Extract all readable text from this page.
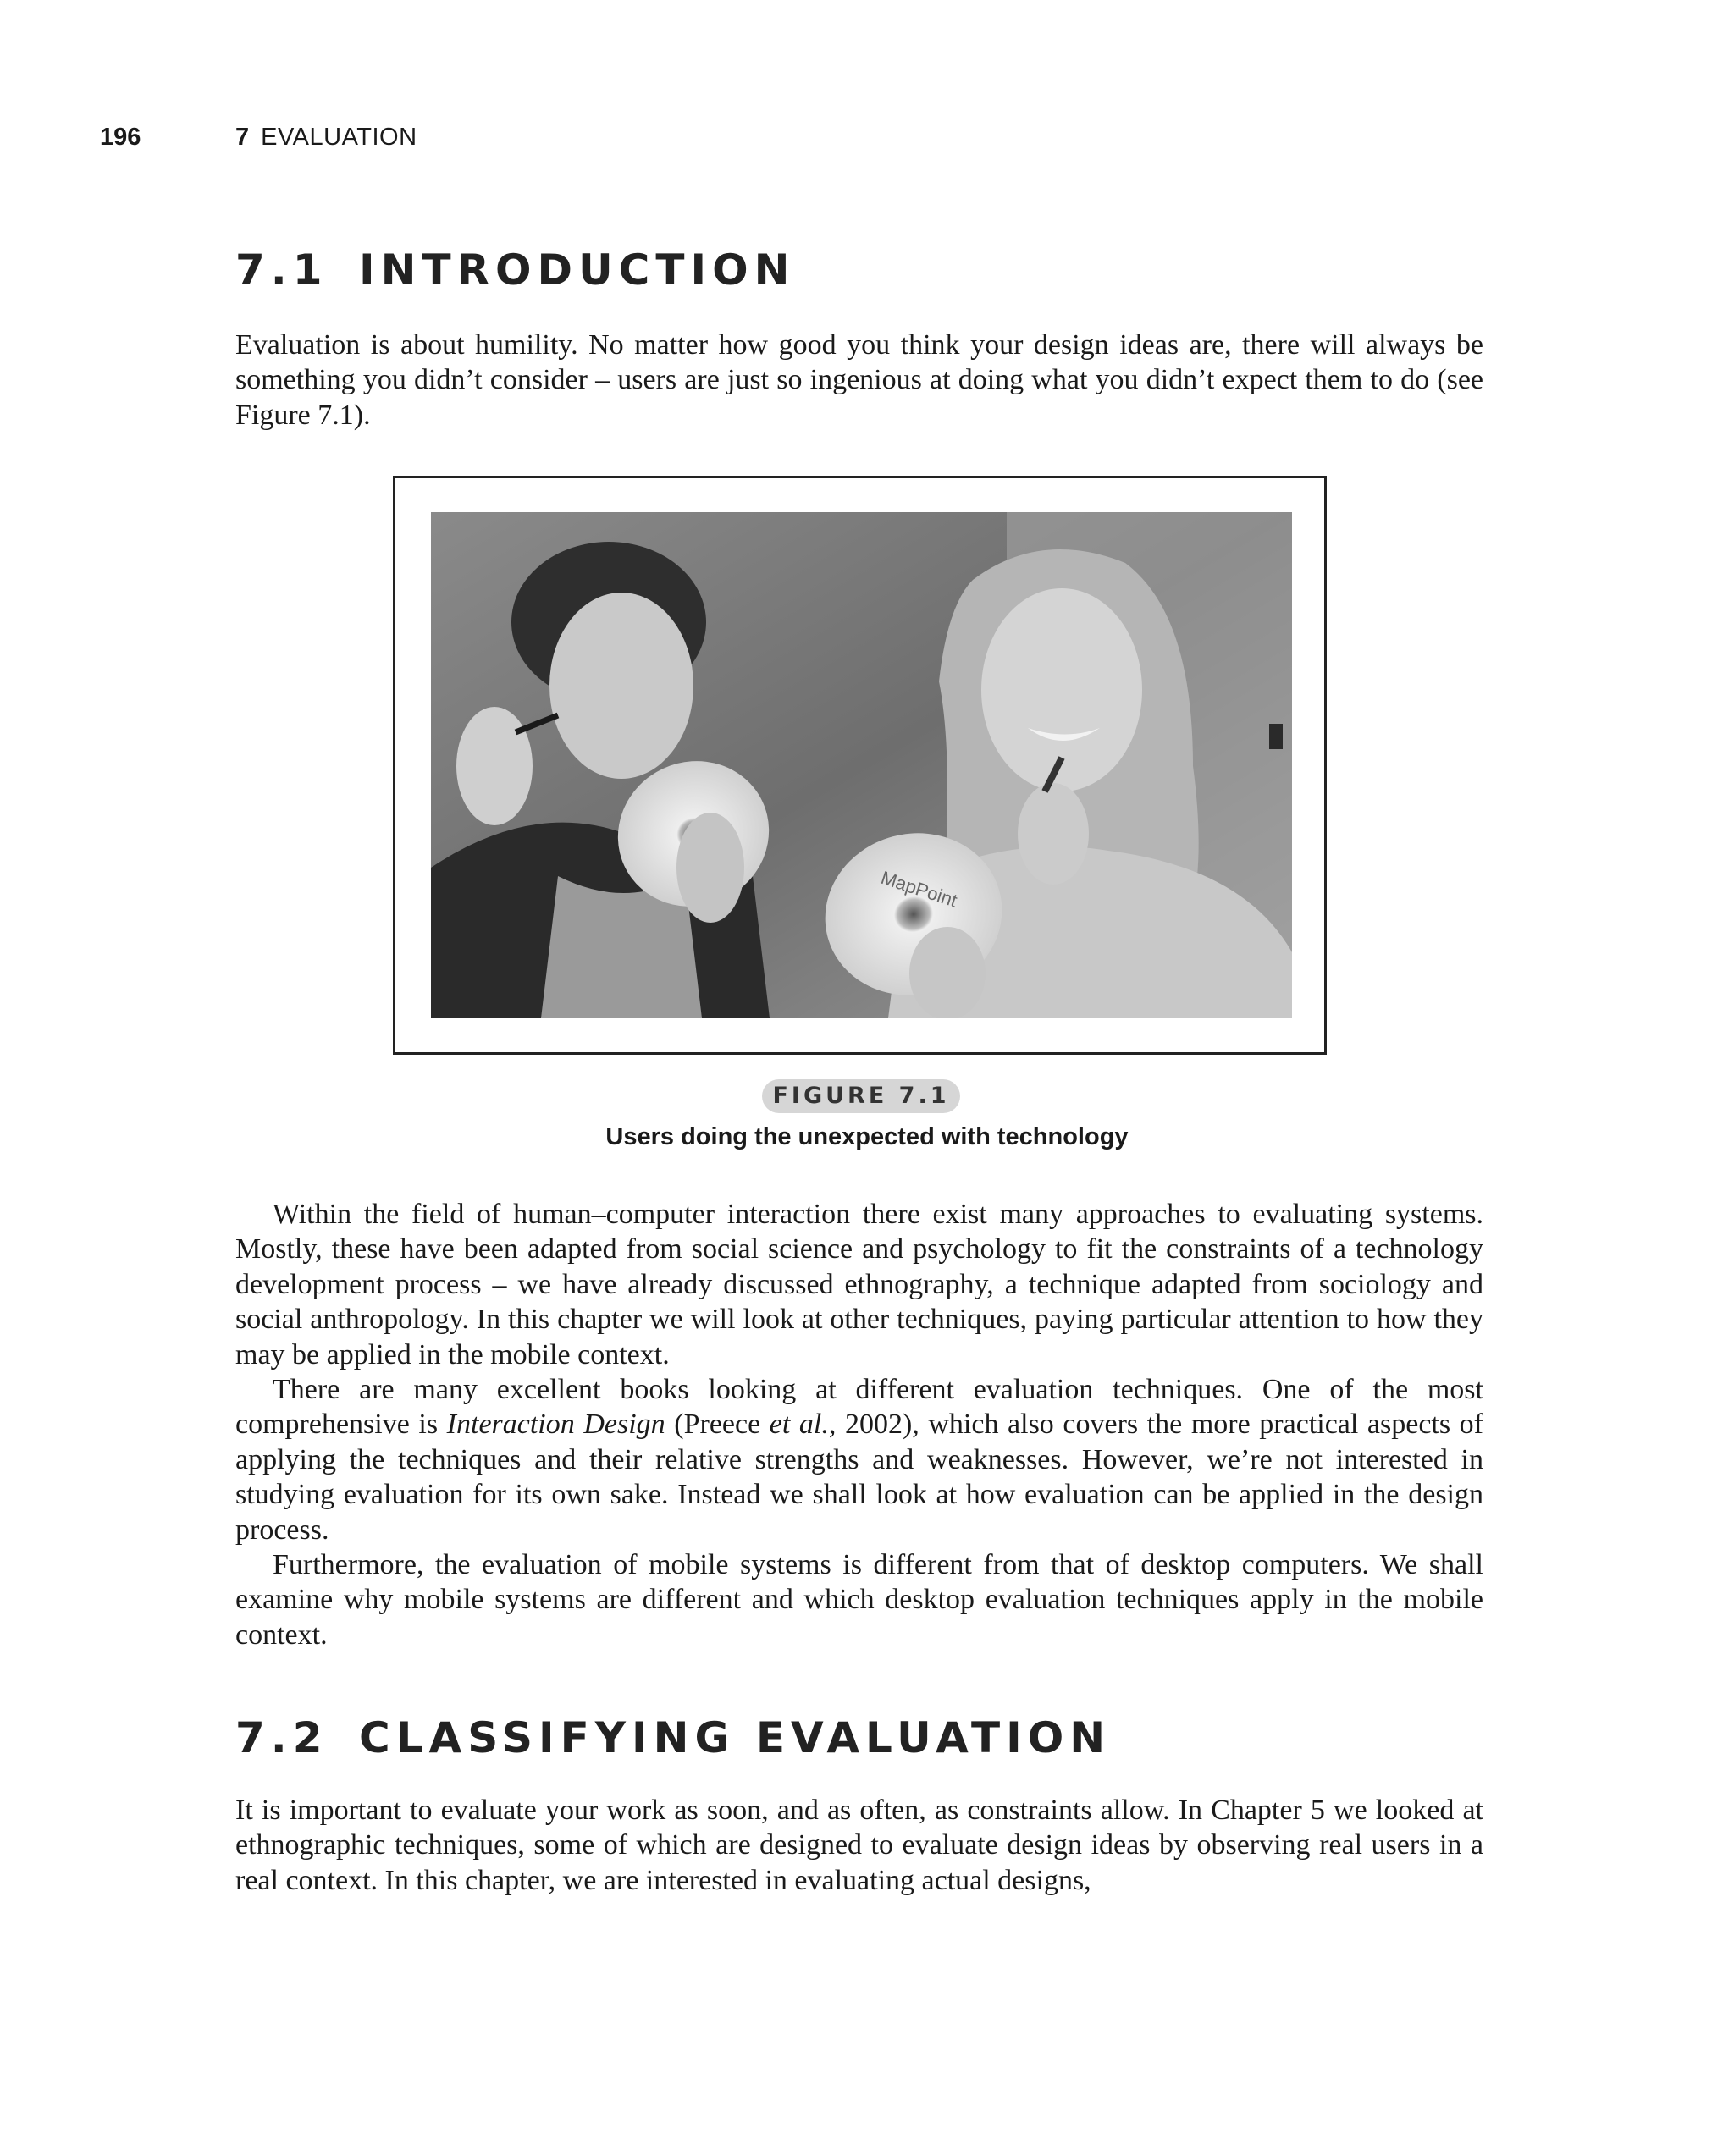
196	7 EVALUATION
7.1 INTRODUCTION

Evaluation is about humility. No matter how good you think your design ideas are, there will always be something you didn’t consider – users are just so ingenious at doing what you didn’t expect them to do (see Figure 7.1).

MapPoint
FIGURE 7.1
Users doing the unexpected with technology

Within the field of human–computer interaction there exist many approaches to evaluating systems. Mostly, these have been adapted from social science and psychology to fit the constraints of a technology development process – we have already discussed ethnography, a technique adapted from sociology and social anthropology. In this chapter we will look at other techniques, paying particular attention to how they may be applied in the mobile context.

There are many excellent books looking at different evaluation techniques. One of the most comprehensive is Interaction Design (Preece et al., 2002), which also covers the more practical aspects of applying the techniques and their relative strengths and weaknesses. However, we’re not interested in studying evaluation for its own sake. Instead we shall look at how evaluation can be applied in the design process.

Furthermore, the evaluation of mobile systems is different from that of desktop computers. We shall examine why mobile systems are different and which desktop evaluation techniques apply in the mobile context.

7.2 CLASSIFYING EVALUATION

It is important to evaluate your work as soon, and as often, as constraints allow. In Chapter 5 we looked at ethnographic techniques, some of which are designed to evaluate design ideas by observing real users in a real context. In this chapter, we are interested in evaluating actual designs,
